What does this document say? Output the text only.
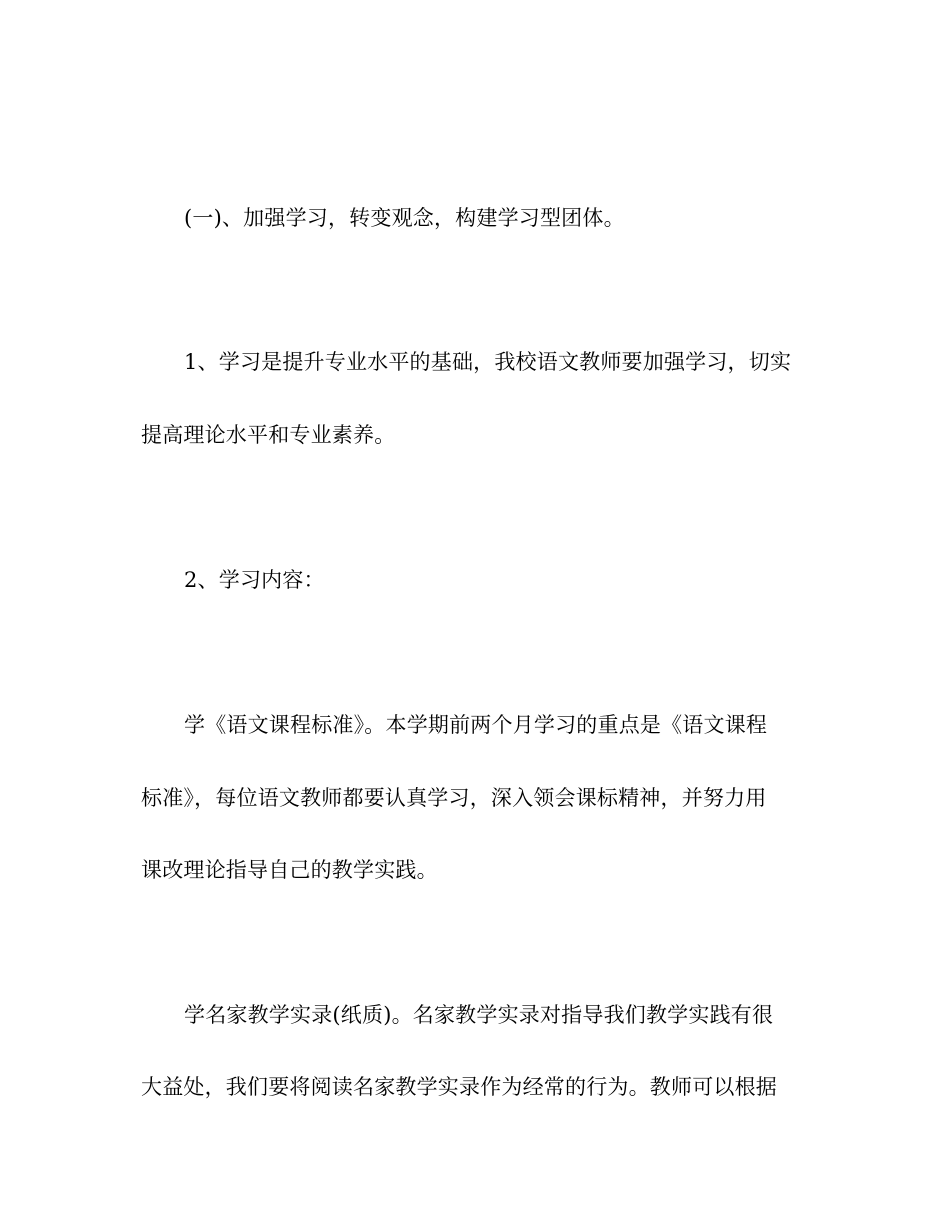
(一)、加强学习，转变观念，构建学习型团体。
1、学习是提升专业水平的基础，我校语文教师要加强学习，切实
提高理论水平和专业素养。
2、学习内容：
学《语文课程标准》。本学期前两个月学习的重点是《语文课程
标准》，每位语文教师都要认真学习，深入领会课标精神，并努力用
课改理论指导自己的教学实践。
学名家教学实录(纸质)。名家教学实录对指导我们教学实践有很
大益处，我们要将阅读名家教学实录作为经常的行为。教师可以根据
